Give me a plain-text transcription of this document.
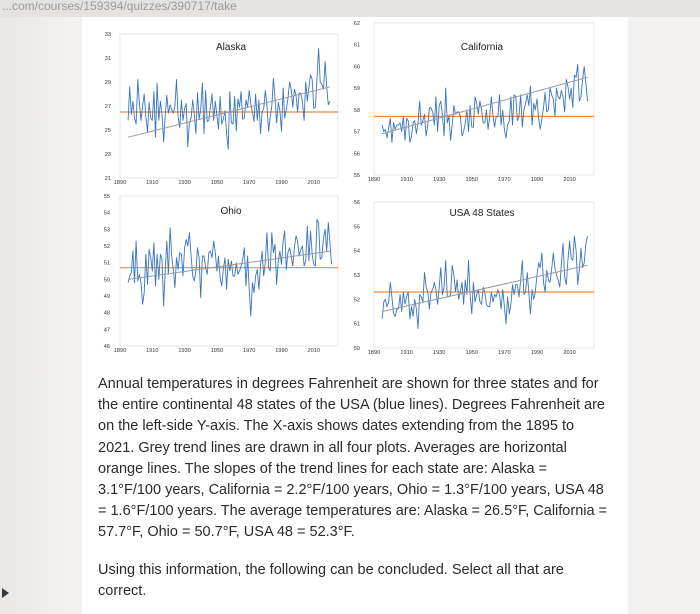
...com/courses/159394/quizzes/390717/take
21
23
25
27
29
31
33
1890	1910	1930	1950	1970	1990	2010
Alaska
55
56
57
58
59
60
61
62
1890	1910	1930	1950	1970	1990	2010
California
46
47
48
49
50
51
52
53
54
55
1890	1910	1930	1950	1970	1990	2010
Ohio
50
51
52
53
54
55
56
1890	1910	1930	1950	1970	1990	2010
USA 48 States

Annual temperatures in degrees Fahrenheit are shown for three states and for the entire continental 48 states of the USA (blue lines). Degrees Fahrenheit are on the left-side Y-axis. The X-axis shows dates extending from the 1895 to 2021. Grey trend lines are drawn in all four plots. Averages are horizontal orange lines. The slopes of the trend lines for each state are: Alaska = 3.1°F/100 years, California = 2.2°F/100 years, Ohio = 1.3°F/100 years, USA 48 = 1.6°F/100 years. The average temperatures are: Alaska = 26.5°F, California = 57.7°F, Ohio = 50.7°F, USA 48 = 52.3°F.

Using this information, the following can be concluded. Select all that are correct.
